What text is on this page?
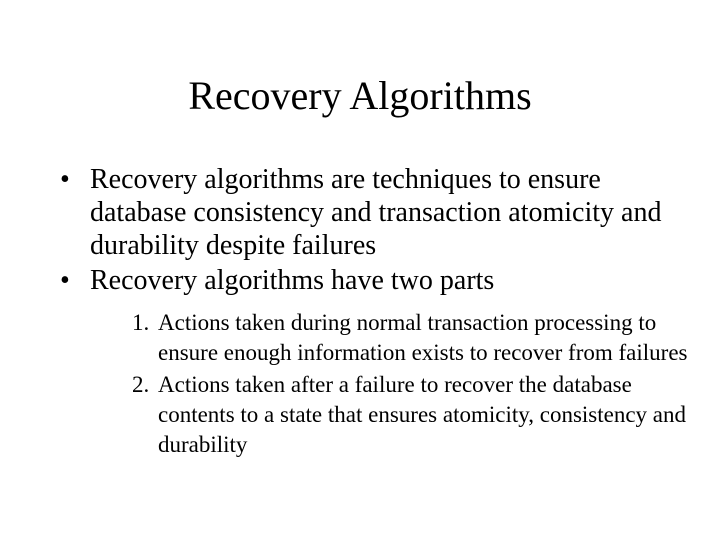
Recovery Algorithms
• Recovery algorithms are techniques to ensure database consistency and transaction atomicity and durability despite failures
• Recovery algorithms have two parts
1. Actions taken during normal transaction processing to ensure enough information exists to recover from failures
2. Actions taken after a failure to recover the database contents to a state that ensures atomicity, consistency and durability
